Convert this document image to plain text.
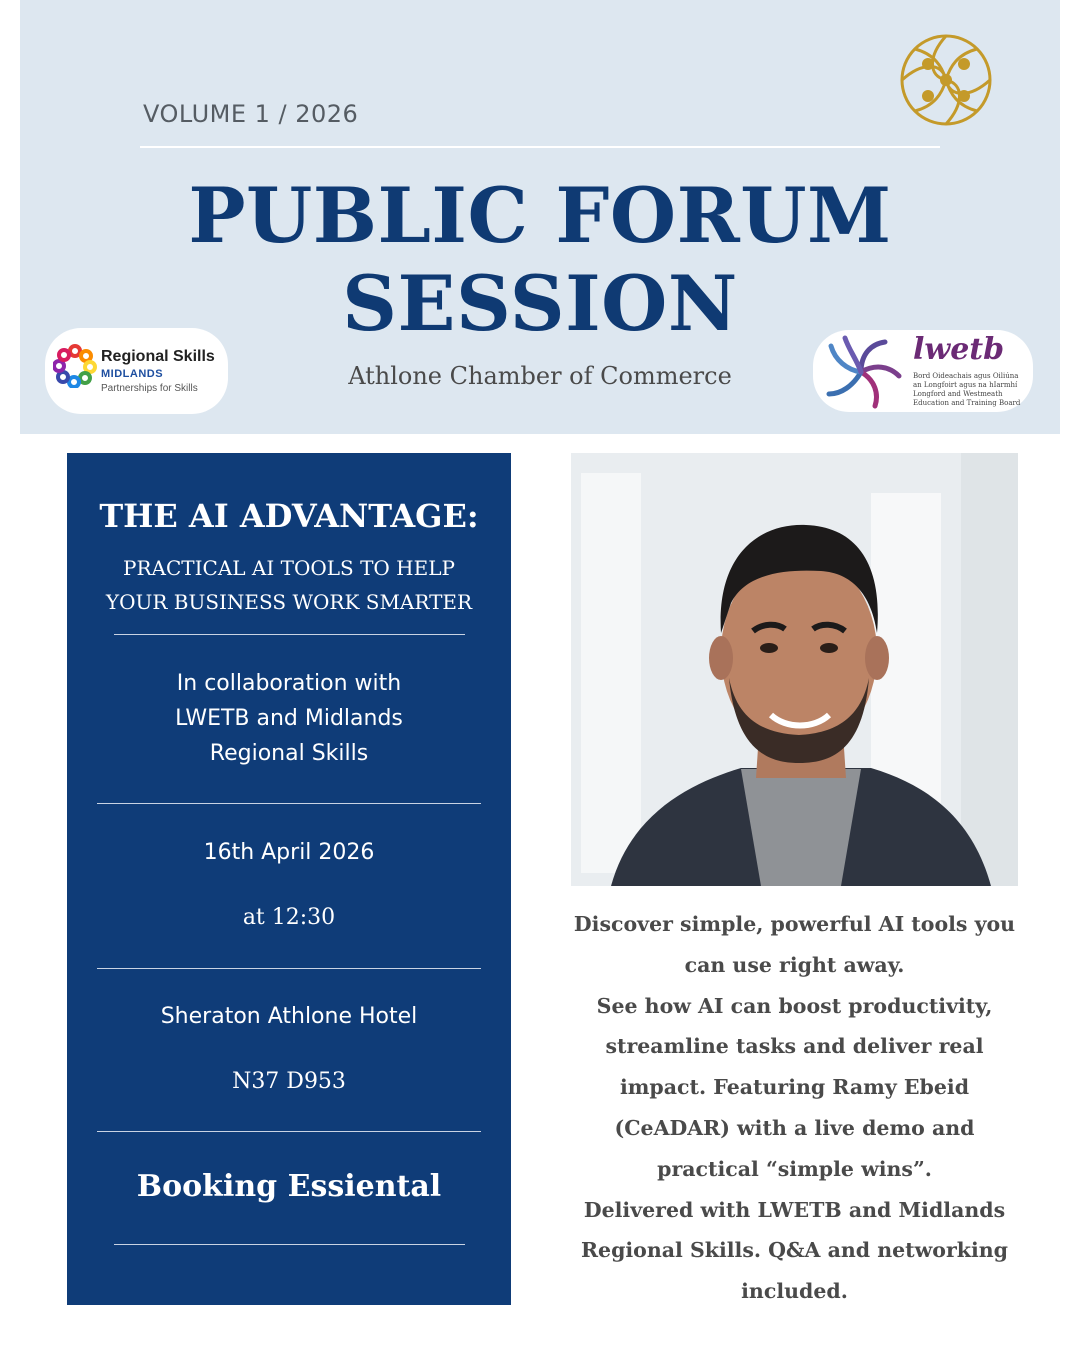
VOLUME 1 / 2026
PUBLIC FORUM
SESSION
Athlone Chamber of Commerce
Regional Skills
MIDLANDS
Partnerships for Skills
lwetb
Bord Oideachais agus Oiliúna
an Longfoirt agus na hIarmhí
Longford and Westmeath
Education and Training Board
THE AI ADVANTAGE:
PRACTICAL AI TOOLS TO HELP
YOUR BUSINESS WORK SMARTER
In collaboration with
LWETB and Midlands
Regional Skills
16th April 2026
at 12:30
Sheraton Athlone Hotel
N37 D953
Booking Essiental

Discover simple, powerful AI tools you

can use right away.

See how AI can boost productivity,

streamline tasks and deliver real

impact. Featuring Ramy Ebeid

(CeADAR) with a live demo and

practical “simple wins”.

Delivered with LWETB and Midlands

Regional Skills. Q&A and networking

included.
